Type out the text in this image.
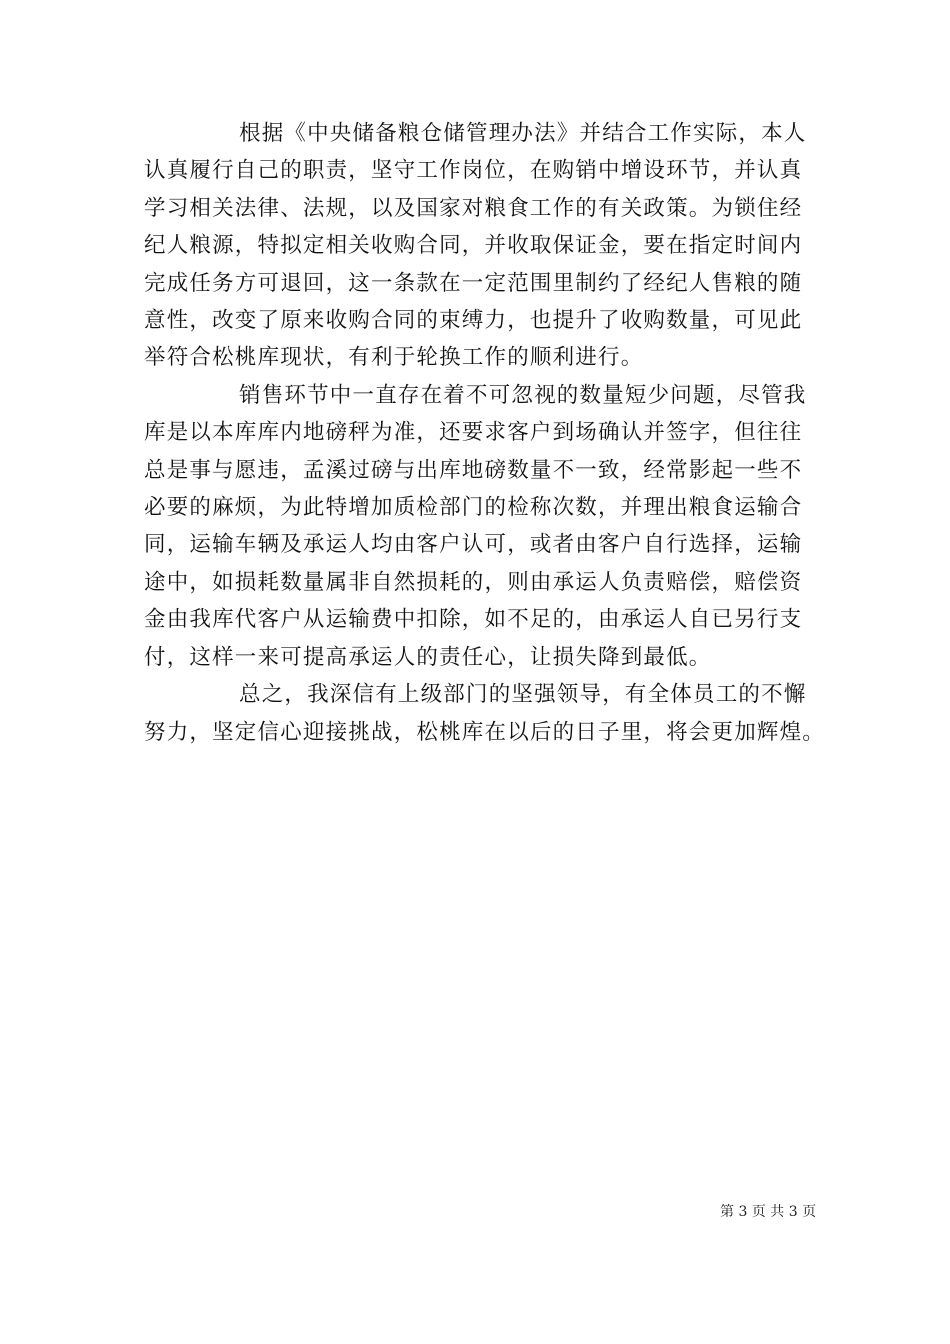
根据《中央储备粮仓储管理办法》并结合工作实际，本人
认真履行自己的职责，坚守工作岗位，在购销中增设环节，并认真
学习相关法律、法规，以及国家对粮食工作的有关政策。为锁住经
纪人粮源，特拟定相关收购合同，并收取保证金，要在指定时间内
完成任务方可退回，这一条款在一定范围里制约了经纪人售粮的随
意性，改变了原来收购合同的束缚力，也提升了收购数量，可见此
举符合松桃库现状，有利于轮换工作的顺利进行。

销售环节中一直存在着不可忽视的数量短少问题，尽管我
库是以本库库内地磅秤为准，还要求客户到场确认并签字，但往往
总是事与愿违，孟溪过磅与出库地磅数量不一致，经常影起一些不
必要的麻烦，为此特增加质检部门的检称次数，并理出粮食运输合
同，运输车辆及承运人均由客户认可，或者由客户自行选择，运输
途中，如损耗数量属非自然损耗的，则由承运人负责赔偿，赔偿资
金由我库代客户从运输费中扣除，如不足的，由承运人自已另行支
付，这样一来可提高承运人的责任心，让损失降到最低。

总之，我深信有上级部门的坚强领导，有全体员工的不懈
努力，坚定信心迎接挑战，松桃库在以后的日子里，将会更加辉煌。

第 3 页 共 3 页
